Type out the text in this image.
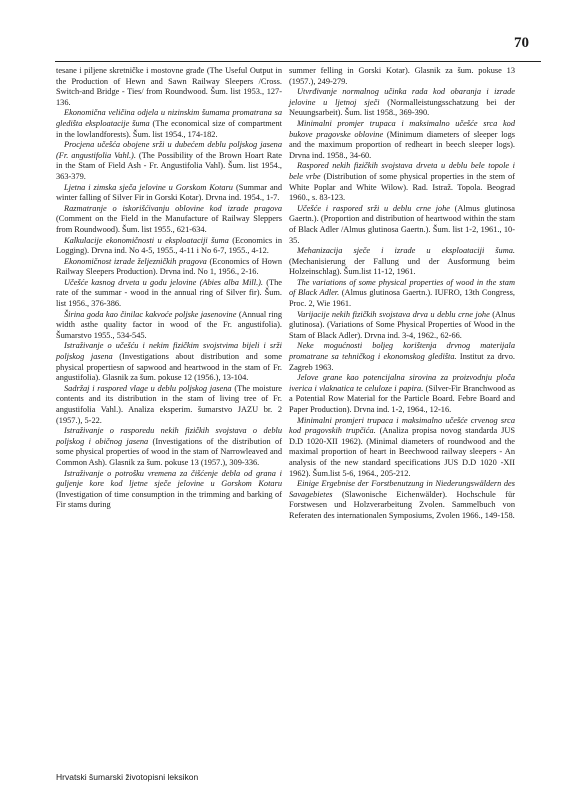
70

tesane i piljene skretničke i mostovne građe (The Useful Output in the Production of Hewn and Sawn Railway Sleepers /Cross. Switch-and Bridge - Ties/ from Roundwood. Šum. list 1953., 127-136.

Ekonomična veličina odjela u nizinskim šumama promatrana sa gledišta eksploatacije šuma (The economical size of compartment in the lowlandforests). Šum. list 1954., 174-182.

Procjena učešća obojene srži u dubećem deblu poljskog jasena (Fr. angustifolia Vahl.). (The Possibility of the Brown Hoart Rate in the Stam of Field Ash - Fr. Angustifolia Vahl). Šum. list 1954., 363-379.

Ljetna i zimska sječa jelovine u Gorskom Kotaru (Summar and winter falling of Silver Fir in Gorski Kotar). Drvna ind. 1954., 1-7.

Razmatranje o iskorišćivanju oblovine kod izrade pragova (Comment on the Field in the Manufacture of Railway Sleppers from Roundwood). Šum. list 1955., 621-634.

Kalkulacije ekonomičnosti u eksploataciji šuma (Economics in Logging). Drvna ind. No 4-5, 1955., 4-11 i No 6-7, 1955., 4-12.

Ekonomičnost izrade željezničkih pragova (Economics of Hown Railway Sleepers Production). Drvna ind. No 1, 1956., 2-16.

Učešće kasnog drveta u godu jelovine (Abies alba Mill.). (The rate of the summar - wood in the annual ring of Silver fir). Šum. list 1956., 376-386.

Širina goda kao činilac kakvoće poljske jasenovine (Annual ring width asthe quality factor in wood of the Fr. angustifolia). Šumarstvo 1955., 534-545.

Istraživanje o učešću i nekim fizičkim svojstvima bijeli i srži poljskog jasena (Investigations about distribution and some physical propertiesn of sapwood and heartwood in the stam of Fr. angustifolia). Glasnik za šum. pokuse 12 (1956.), 13-104.

Sadržaj i raspored vlage u deblu poljskog jasena (The moisture contents and its distribution in the stam of living tree of Fr. angustifolia Vahl.). Analiza eksperim. šumarstvo JAZU br. 2 (1957.), 5-22.

Istraživanje o rasporedu nekih fizičkih svojstava o deblu poljskog i običnog jasena (Investigations of the distribution of some physical properties of wood in the stam of Narrowleaved and Common Ash). Glasnik za šum. pokuse 13 (1957.), 309-336.

Istraživanje o potrošku vremena za čišćenje debla od grana i guljenje kore kod ljetne sječe jelovine u Gorskom Kotaru (Investigation of time consumption in the trimming and barking of Fir stams during

summer felling in Gorski Kotar). Glasnik za šum. pokuse 13 (1957.), 249-279.

Utvrđivanje normalnog učinka rada kod obaranja i izrade jelovine u ljetnoj sječi (Normalleistungsschatzung bei der Neuungsarbeit). Šum. list 1958., 369-390.

Minimalni promjer trupaca i maksimalno učešće srca kod bukove pragovske oblovine (Minimum diameters of sleeper logs and the maximum proportion of redheart in beech sleeper logs). Drvna ind. 1958., 34-60.

Raspored nekih fizičkih svojstava drveta u deblu bele topole i bele vrbe (Distribution of some physical properties in the stem of White Poplar and White Wilow). Rad. Istraž. Topola. Beograd 1960., s. 83-123.

Učešće i raspored srži u deblu crne johe (Almus glutinosa Gaertn.). (Proportion and distribution of heartwood within the stam of Black Adler /Almus glutinosa Gaertn.). Šum. list 1-2, 1961., 10-35.

Mehanizacija sječe i izrade u eksploataciji šuma. (Mechanisierung der Fallung und der Ausformung beim Holzeinschlag). Šum.list 11-12, 1961.

The variations of some physical properties of wood in the stam of Black Adler. (Almus glutinosa Gaertn.). IUFRO, 13th Congress, Proc. 2, Wie 1961.

Varijacije nekih fizičkih svojstava drva u deblu crne johe (Alnus glutinosa). (Variations of Some Physical Properties of Wood in the Stam of Black Adler). Drvna ind. 3-4, 1962., 62-66.

Neke mogućnosti boljeg korištenja drvnog materijala promatrane sa tehničkog i ekonomskog gledišta. Institut za drvo. Zagreb 1963.

Jelove grane kao potencijalna sirovina za proizvodnju ploča iverica i vlaknatica te celuloze i papira. (Silver-Fir Branchwood as a Potential Row Material for the Particle Board. Febre Board and Paper Production). Drvna ind. 1-2, 1964., 12-16.

Minimalni promjeri trupaca i maksimalno učešće crvenog srca kod pragovskih trupčića. (Analiza propisa novog standarda JUS D.D 1020-XII 1962). (Minimal diameters of roundwood and the maximal proportion of heart in Beechwood railway sleepers - An analysis of the new standard specifications JUS D.D 1020 -XII 1962). Šum.list 5-6, 1964., 205-212.

Einige Ergebnise der Forstbenutzung in Niederungswäldern des Savagebietes (Slawonische Eichenwälder). Hochschule für Forstwesen und Holzverarbeitung Zvolen. Sammelbuch von Referaten des internationalen Symposiums, Zvolen 1966., 149-158.

Hrvatski šumarski životopisni leksikon
